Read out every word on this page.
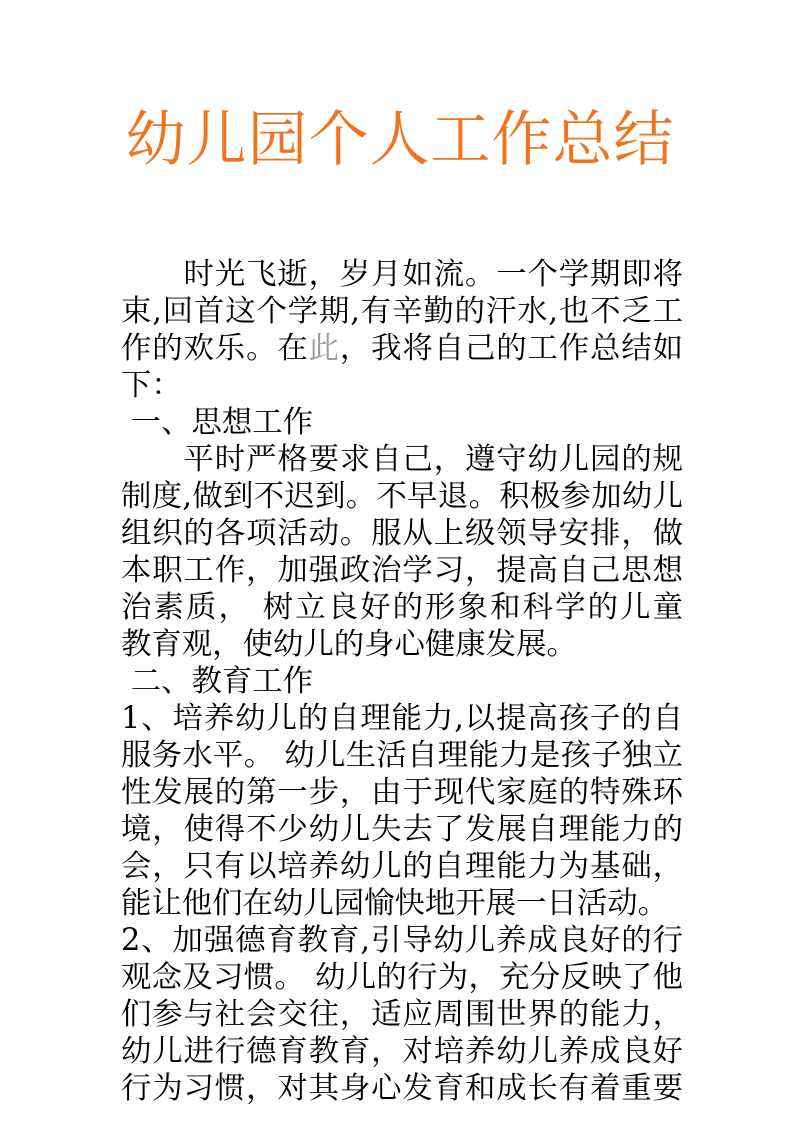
幼儿园个人工作总结
　　时光飞逝，岁月如流。一个学期即将
束,回首这个学期,有辛勤的汗水,也不乏工
作的欢乐。在此，我将自己的工作总结如
下：
一、思想工作
　　平时严格要求自己，遵守幼儿园的规
制度,做到不迟到。不早退。积极参加幼儿
组织的各项活动。服从上级领导安排，做
本职工作，加强政治学习，提高自己思想
治素质， 树立良好的形象和科学的儿童
教育观，使幼儿的身心健康发展。
二、教育工作
1、培养幼儿的自理能力,以提高孩子的自
服务水平。 幼儿生活自理能力是孩子独立
性发展的第一步，由于现代家庭的特殊环
境，使得不少幼儿失去了发展自理能力的
会，只有以培养幼儿的自理能力为基础，
能让他们在幼儿园愉快地开展一日活动。
2、加强德育教育,引导幼儿养成良好的行
观念及习惯。 幼儿的行为，充分反映了他
们参与社会交往，适应周围世界的能力，
幼儿进行德育教育，对培养幼儿养成良好
行为习惯，对其身心发育和成长有着重要
